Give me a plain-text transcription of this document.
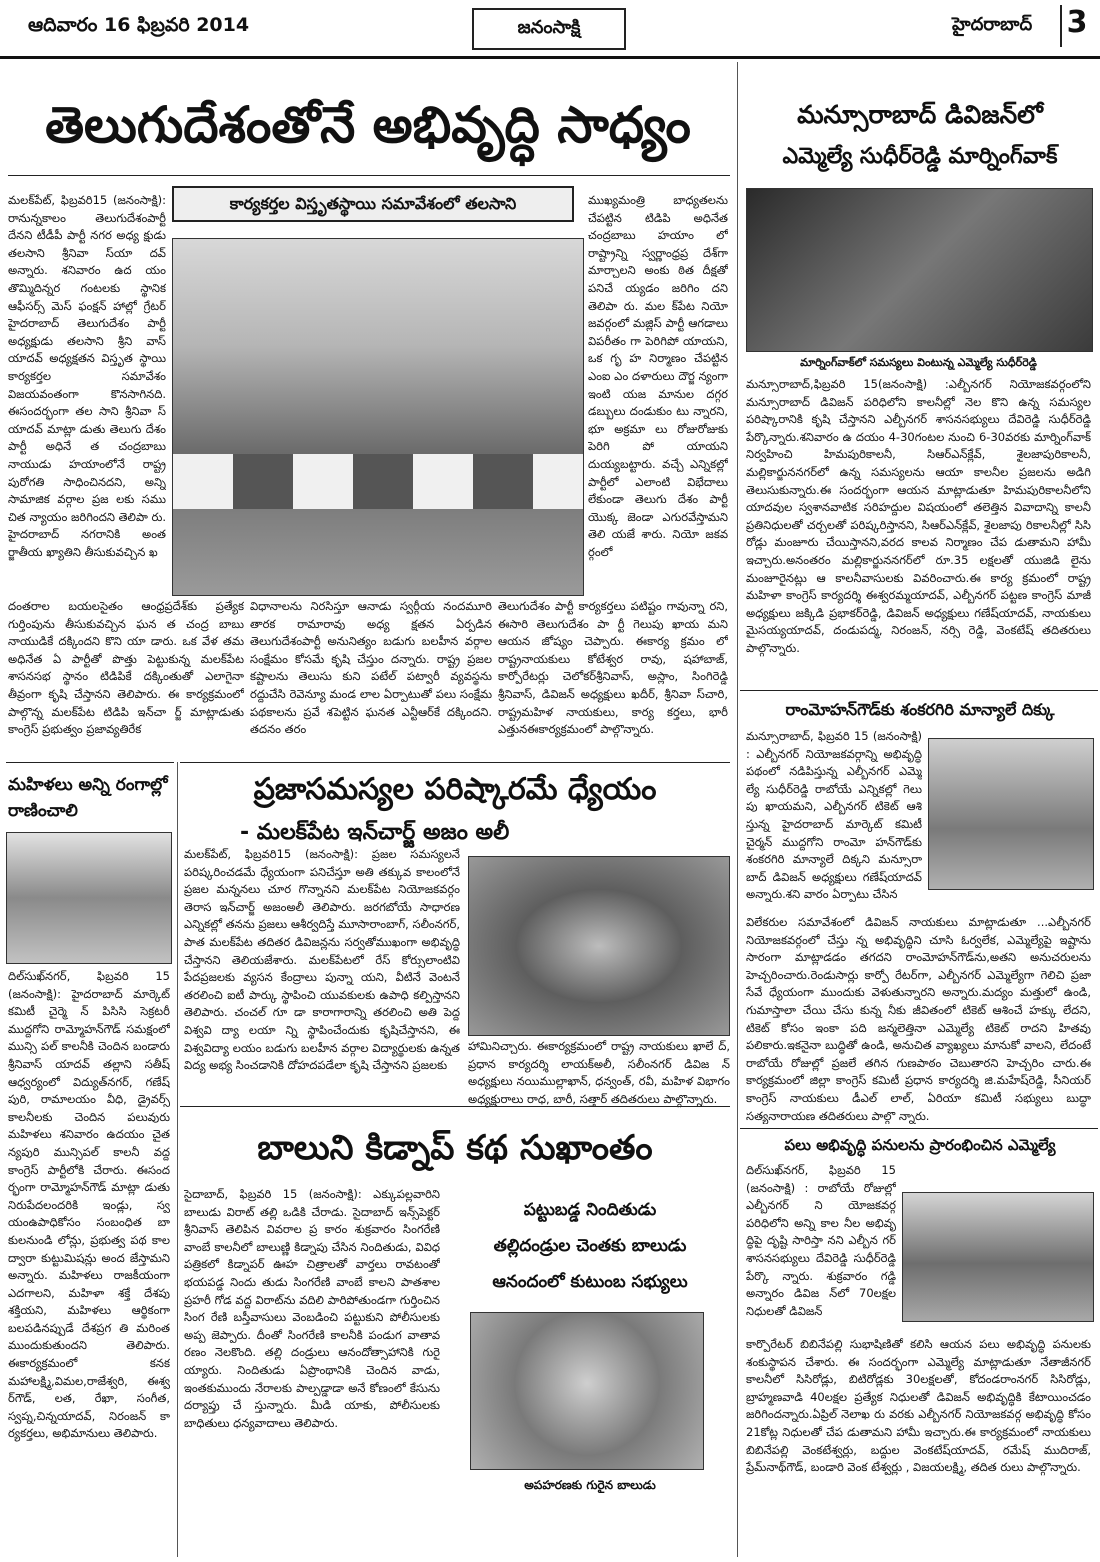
ఆదివారం 16 ఫిబ్రవరి 2014	జనంసాక్షి	హైదరాబాద్ 3
తెలుగుదేశంతోనే అభివృద్ధి సాధ్యం
కార్యకర్తల విస్తృతస్థాయి సమావేశంలో తలసాని
మలక్‌పేట్‌, ఫిబ్రవరి15 (జనంసాక్షి): రానున్నకాలం తెలుగుదేశంపార్టీ దేనని టీడీపీ పార్టీ నగర అధ్య క్షుడు తలసాని శ్రీనివా స్‌యా దవ్‌ అన్నారు. శనివారం ఉద యం తొమ్మిదిన్నర గంటలకు స్థానిక ఆఫీసర్స్‌ మెస్‌ ఫంక్షన్‌ హాల్లో గ్రేటర్‌ హైదరాబాద్‌ తెలుగుదేశం పార్టీ అధ్యక్షుడు తలసాని శ్రీని వాస్‌ యాదవ్‌ అధ్యక్షతన విస్తృత స్థాయి కార్యకర్తల సమావేశం విజయవంతంగా కొనసాగినది. ఈసందర్భంగా తల సాని శ్రీనివా స్‌ యాదవ్‌ మాట్లా డుతు తెలుగు దేశం పార్టీ అధినే త చంద్రబాబు నాయుడు హయాంలోనే రాష్ట్ర పురోగతి సాధించినదని, అన్ని సామాజిక వర్గాల ప్రజ లకు సము చిత న్యాయం జరిగిందని తెలిపా రు. హైదరాబాద్‌ నగరానికి అంత ర్జాతీయ ఖ్యాతిని తీసుకువచ్చిన ఖ
ముఖ్యమంత్రి బాధ్యతలను చేపట్టిన టిడిపి అధినేత చంద్రబాబు హయాం లో రాష్ట్రాన్ని స్వర్ణాంధ్రప్ర దేశ్‌గా మార్చాలని అంకు ఠిత దీక్షతో పనిచే య్యడం జరిగిం దని తెలిపా రు. మల క్‌పేట నియో జవర్గంలో మజ్లిస్‌ పార్టీ ఆగడాలు విపరీతం గా పెరిగిపో యాయని, ఒక గృ హ నిర్మాణం చేపట్టిన ఎంఐ ఎం దళారులు దౌర్జ న్యంగా ఇంటి యజ మానుల దగ్గర డబ్బులు దండుకుం టు న్నారని, భూ అక్రమా లు రోజురోజుకు పెరిగి పో యాయని దుయ్యబట్టారు. వచ్చే ఎన్నికల్లో పార్టీలో ఎలాంటి విభేదాలు లేకుండా తెలుగు దేశం పార్టీ యొక్క జెండా ఎగురవేస్తామని తెలి యజే శారు. నియో జకవ ర్గంలో
దంతరాల బయలసైతం ఆంధ్రప్రదేశ్‌కు ప్రత్యేక గుర్తింపును తీసుకువచ్చిన ఘన త చంద్ర బాబు నాయుడికే దక్కిందని కొని యా డారు. ఒక వేళ తమ అధినేత ఏ పార్టీతో పొత్తు పెట్టుకున్న మలక్‌పేట శాసనసభ స్థానం టిడిపికే దక్కింతుతో ఎలాగైనా తీవ్రంగా కృషి చేస్తానని తెలిపారు. ఈ కార్యక్రమంలో పాల్గొన్న మలక్‌పేట టిడిపి ఇన్‌చా ర్జ్‌ మాట్లాడుతు కాంగ్రెస్‌ ప్రభుత్వం ప్రజావ్యతిరేక
విధానాలను నిరసిస్తూ ఆనాడు స్వర్గీయ నందమూరి తారక రామారావు అధ్య క్షతన ఏర్పడిన తెలుగుదేశంపార్టీ అనునిత్యం బడుగు బలహీన వర్గాల సంక్షేమం కోసమే కృషి చేస్తుం దన్నారు. రాష్ట్ర ప్రజల కష్టాలను తెలుసు కుని పటేల్‌ పట్వారీ వ్యవస్థను రద్దుచేసి రెవెన్యూ మండ లాల ఏర్పాటుతో పలు సంక్షేమ పథకాలను ప్రవే శపెట్టిన ఘనత ఎన్టీఆర్‌కే దక్కిందని. తదనం తరం
తెలుగుదేశం పార్టీ కార్యకర్తలు పటిష్టం గావున్నా రని, ఈసారి తెలుగుదేశం పా ర్టీ గెలుపు ఖాయ మని ఆయన జోష్యం చెప్పారు. ఈకార్య క్రమం లో రాష్ట్రనాయకులు కోటేశ్వర రావు, షహాబాజ్‌, కార్పోరేటర్లు చెలోకర్‌శ్రీనివాస్‌, అస్లాం, సింగిరెడ్డి శ్రీనివాస్‌, డివిజన్‌ అధ్యక్షులు ఖదీర్‌, శ్రీనివా స్‌చారి, రాష్ట్రమహిళ నాయకులు, కార్య కర్తలు, భారీ ఎత్తునఈకార్యక్రమంలో పాల్గొన్నారు.
మన్సూరాబాద్‌ డివిజన్‌లో
ఎమ్మెల్యే సుధీర్‌రెడ్డి మార్నింగ్‌వాక్‌
మార్నింగ్‌వాక్‌లో సమస్యలు వింటున్న ఎమ్మెల్యే సుధీర్‌రెడ్డి
మన్సూరాబాద్‌,ఫిబ్రవరి 15(జనంసాక్షి) :ఎల్బీనగర్‌ నియోజకవర్గంలోని మన్సూరాబాద్‌ డివిజన్‌ పరిధిలోని కాలనీల్లో నెల కొని ఉన్న సమస్యల పరిష్కారానికి కృషి చేస్తానని ఎల్బీనగర్‌ శాసనసభ్యులు దేవిరెడ్డి సుధీర్‌రెడ్డి పేర్కొన్నారు.శనివారం ఉ దయం 4-30గంటల నుంచి 6-30వరకు మార్నింగ్‌వాక్‌ నిర్వహించి హిమపురికాలనీ, సిఆర్‌ఎన్‌క్లేవ్‌, శైలజాపురికాలనీ, మల్లికార్జుననగర్‌లో ఉన్న సమస్యలను ఆయా కాలనీల ప్రజలను అడిగి తెలుసుకున్నారు.ఈ సందర్భంగా ఆయన మాట్లాడుతూ హిమపురికాలనీలోని యాదవుల స్వశానవాటిక సరిహద్దుల విషయంలో తలెత్తిన వివాదాన్ని కాలనీ ప్రతినిధులతో చర్చలతో పరిష్కరిస్తానని, సిఆర్‌ఎన్‌క్లేవ్‌, శైలజాపు రికాలనీల్లో సిసి రోడ్లు మంజూరు చేయిస్తానని,వరద కాలవ నిర్మాణం చేప డుతామని హామీ ఇచ్చారు.అనంతరం మల్లికార్జుననగర్‌లో రూ.35 లక్షలతో యుజిడి లైను మంజూరైనట్లు ఆ కాలనీవాసులకు వివరించారు.ఈ కార్య క్రమంలో రాష్ట్ర మహిళా కాంగ్రెస్‌ కార్యదర్శి ఈశ్వరమ్మయాదవ్‌, ఎల్బీనగర్‌ పట్టణ కాంగ్రెస్‌ మాజీ అధ్యక్షులు జక్కిడి ప్రభాకర్‌రెడ్డి, డివిజన్‌ అధ్యక్షులు గణేష్‌యాదవ్‌, నాయకులు మైసయ్యయాదవ్‌, దండుపద్మ, నిరంజన్‌, నర్సి రెడ్డి, వెంకటేష్‌ తదితరులు పాల్గొన్నారు.
రాంమోహన్‌గౌడ్‌కు శంకరగిరి మాన్యాలే దిక్కు
మన్సూరాబాద్‌, ఫిబ్రవరి 15 (జనంసాక్షి) : ఎల్బీనగర్‌ నియోజకవర్గాన్ని అభివృద్ధి పథంలో నడిపిస్తున్న ఎల్బీనగర్‌ ఎమ్మె ల్యే సుధీర్‌రెడ్డి రాబోయే ఎన్నికల్లో గెలు పు ఖాయమని, ఎల్బీనగర్‌ టికెట్‌ ఆశి స్తున్న హైదరాబాద్‌ మార్కెట్‌ కమిటీ చైర్మన్‌ ముద్దగోని రాంమో హన్‌గౌడ్‌కు శంకరగిరి మాన్యాలే దిక్కని మన్సూరా బాద్‌ డివిజన్‌ అధ్యక్షులు గణేష్‌యాదవ్‌ అన్నారు.శని వారం ఏర్పాటు చేసిన
విలేకరుల సమావేశంలో డివిజన్‌ నాయకులు మాట్లాడుతూ ...ఎల్బీనగర్‌ నియోజకవర్గంలో చేస్తు న్న అభివృద్ధిని చూసి ఓర్వలేక, ఎమ్మెల్యేపై ఇష్టాను సారంగా మాట్లాడడం తగదని రాంమోహన్‌గౌడ్‌ను,అతని అనుచరులను హెచ్చరించారు.రెండుసార్లు కార్పో రేటర్‌గా, ఎల్బీనగర్‌ ఎమ్మెల్యేగా గెలిచి ప్రజా సేవే ధ్యేయంగా ముందుకు వెళుతున్నారని అన్నారు.మద్యం మత్తులో ఉండి, గుమాస్తాలా చేయి చేసు కున్న నీకు జీవితంలో టికెట్‌ ఆశించే హక్కు లేదని, టికెట్‌ కోసం ఇంకా పది జన్మలెత్తినా ఎమ్మెల్యే టికెట్‌ రాదని హితవు పలికారు.ఇకనైనా బుద్ధితో ఉండి, అనుచిత వ్యాఖ్యలు మానుకో వాలని, లేదంటే రాబోయే రోజుల్లో ప్రజలే తగిన గుణపాఠం చెబుతారని హెచ్చరిం చారు.ఈ కార్యక్రమంలో జిల్లా కాంగ్రెస్‌ కమిటీ ప్రధాన కార్యదర్శి జి.మహేష్‌రెడ్డి, సీనియర్‌ కాంగ్రెస్‌ నాయకులు డీఎల్‌ లాల్‌, ఏరియా కమిటీ సభ్యులు బుద్ధా సత్యనారాయణ తదితరులు పాల్గొ న్నారు.
పలు అభివృద్ధి పనులను ప్రారంభించిన ఎమ్మెల్యే
దిల్‌సుఖ్‌నగర్‌, ఫిబ్రవరి 15 (జనంసాక్షి) : రాబోయే రోజుల్లో ఎల్బీనగర్‌ ని యోజకవర్గ పరిధిలోని అన్ని కాల నీల అభివృ ద్ధిపై దృష్టి సారిస్తా నని ఎల్బీన గర్‌ శాసనసభ్యులు దేవిరెడ్డి సుధీర్‌రెడ్డి పేర్కొ న్నారు. శుక్రవారం గడ్డి అన్నారం డివిజ న్‌లో 70లక్షల నిధులతో డివిజన్‌
కార్పొరేటర్‌ బిబినేపల్లి సుభాషిణితో కలిసి ఆయన పలు అభివృద్ధి పనులకు శంకుస్థాపన చేశారు. ఈ సందర్భంగా ఎమ్మెల్యే మాట్లాడుతూ నేతాజీనగర్‌ కాలనీలో సిసిరోడ్లు, బిటిరోడ్లకు 30లక్షలతో, కోదండరాంనగర్‌ సిసిరోడ్లు, బ్రాహ్మణవాడి 40లక్షల ప్రత్యేక నిధులతో డివిజన్‌ అభివృద్ధికి కేటాయించడం జరిగిందన్నారు.ఏప్రిల్‌ నెలాఖ రు వరకు ఎల్బీనగర్‌ నియోజకవర్గ అభివృద్ధి కోసం 21కోట్ల నిధులతో చేప డుతామని హామీ ఇచ్చారు.ఈ కార్యక్రమంలో నాయకులు బిబినేపల్లి వెంకటేశ్వర్లు, బద్దుల వెంకటేష్‌యాదవ్‌, రమేష్‌ ముదిరాజ్‌, ప్రేమ్‌నాథ్‌గౌడ్‌, బండారి వెంక టేశ్వర్లు , విజయలక్ష్మి, తదిత రులు పాల్గొన్నారు.
మహిళలు అన్ని రంగాల్లో రాణించాలి
దిల్‌సుఖ్‌నగర్‌, ఫిబ్రవరి 15 (జనంసాక్షి): హైదరాబాద్‌ మార్కెట్‌ కమిటీ చైర్మె న్‌ పిసిసి సెక్రటరీ ముద్దగోని రామ్మోహన్‌గౌడ్‌ సమక్షంలో మున్సి పల్‌ కాలనీకి చెందిన బండారు శ్రీనివాస్‌ యాదవ్‌ తల్లాని సతీష్‌ ఆధ్వర్యంలో విద్యుత్‌నగర్‌, గణేష్‌ పురి, రామాలయం వీధి, డ్రైవర్స్‌ కాలనీలకు చెందిన పలువురు మహిళలు శనివారం ఉదయం చైత న్యపురి మున్సిపల్‌ కాలనీ వద్ద కాంగ్రెస్‌ పార్టీలోకి చేరారు. ఈసంద ర్భంగా రామ్మోహన్‌గౌడ్‌ మాట్లా డుతు నిరుపేదలందరికి ఇండ్లు, స్వ యంఉపాధికోసం సంబంధిత బా కులనుండి లోన్లు, ప్రభుత్వ పథ కాల ద్వారా కుట్టుమిషన్లు అంద జేస్తామని అన్నారు. మహిళలు రాజకీయంగా ఎదగాలని, మహిళా శక్తే దేశపు శక్తియని, మహిళలు ఆర్థికంగా బలపడినప్పుడే దేశప్రగ తి మరింత ముందుకుతుందని తెలిపారు. ఈకార్యక్రమంలో కనక మహాలక్ష్మి,విమల,రాజేశ్వరి, ఈశ్వ ర్‌గౌడ్‌, లత, రేఖా, సంగీత, స్వప్న,చిన్నయాదవ్‌, నిరంజన్‌ కా ర్యకర్తలు, అభిమానులు తెలిపారు.
ప్రజాసమస్యల పరిష్కారమే ధ్యేయం
- మలక్‌పేట ఇన్‌చార్జ్‌ అజం అలీ
మలక్‌పేట్‌, ఫిబ్రవరి15 (జనంసాక్షి): ప్రజల సమస్యలనే పరిష్కరించడమే ధ్యేయంగా పనిచేస్తూ అతి తక్కువ కాలంలోనే ప్రజల మన్ననలు చూర గొన్నానని మలక్‌పేట నియోజకవర్గం తెరాస ఇన్‌చార్జ్‌ అజంఅలీ తెలిపారు. జరగబోయే సాధారణ ఎన్నికల్లో తనను ప్రజలు ఆశీర్వదిస్తే మూసారాంబాగ్‌, సలీంనగర్‌, పాత మలక్‌పేట తదితర డివిజన్లను సర్వతోముఖంగా అభివృద్ధి చేస్తానని తెలియజేశారు. మలక్‌పేటలో రేస్‌ కోర్సులాంటివి పేదప్రజలకు వ్యసన కేంద్రాలు పున్నా యని, వీటినే వెంటనే తరలించి ఐటీ పార్కు స్థాపించి యువకులకు ఉపాధి కల్పిస్తానని తెలిపారు. చంచల్‌ గూ డా కారాగారాన్ని తరలించి అతి పెద్ద విశ్వవి ద్యా లయా న్ని స్థాపించేందుకు కృషిచేస్తానని, ఈ విశ్వవిద్యా లయం బడుగు బలహీన వర్గాల విద్యార్థులకు ఉన్నత విద్య అభ్య సించడానికి దోహదపడేలా కృషి చేస్తానని ప్రజలకు
హామినిచ్చారు. ఈకార్యక్రమంలో రాష్ట్ర నాయకులు ఖాలే ద్‌, ప్రధాన కార్యదర్శి లాయక్‌అలీ, సలీంనగర్‌ డివిజ న్‌ అధ్యక్షులు నయిముల్లాఖాన్‌, ధన్వంత్‌, రవీ, మహిళ విభాగం అధ్యక్షురాలు రాధ, బారీ, సత్తార్‌ తదితరులు పాల్గొన్నారు.
బాలుని కిడ్నాప్‌ కథ సుఖాంతం
సైదాబాద్‌, ఫిబ్రవరి 15 (జనంసాక్షి): ఎక్కుపల్లవారిని బాలుడు విరాట్‌ తల్లి ఒడికి చేరాడు. సైదాబాద్‌ ఇన్స్‌పెక్టర్‌ శ్రీనివాస్‌ తెలిపిన వివరాల ప్ర కారం శుక్రవారం సింగరేణి వాంబే కాలనీలో బాలుణ్ణి కిడ్నాపు చేసిన నిందితుడు, వివిధ పత్రికలో కిడ్నాపర్‌ ఊహ చిత్రాలతో వార్తలు రావటంతో భయపడ్డ నిందు తుడు సింగరేణి వాంబే కాలని పాతశాల ప్రహరీ గోడ వద్ద విరాట్‌ను వదిలి పారిపోతుండగా గుర్తించిన సింగ రేణి బస్తీవాసులు వెంబడించి పట్టుకుని పోలీసులకు అప్ప జెప్పారు. దీంతో సింగరేణి కాలనీకి పండుగ వాతావ రణం నెలకొంది. తల్లి దండ్రులు ఆనందోత్సాహానికి గురై య్యారు. నిందితుడు ఏప్రొంథానికి చెందిన వాడు, ఇంతకుముందు నేరాలకు పాల్పడ్డాడా అనే కోణంలో కేసును దర్యాప్తు చే స్తున్నారు. మీడి యాకు, పోలీసులకు బాధితులు ధన్యవాదాలు తెలిపారు.
పట్టుబడ్డ నిందితుడు
తల్లిదండ్రుల చెంతకు బాలుడు
ఆనందంలో కుటుంబ సభ్యులు
అపహరణకు గురైన బాలుడు
